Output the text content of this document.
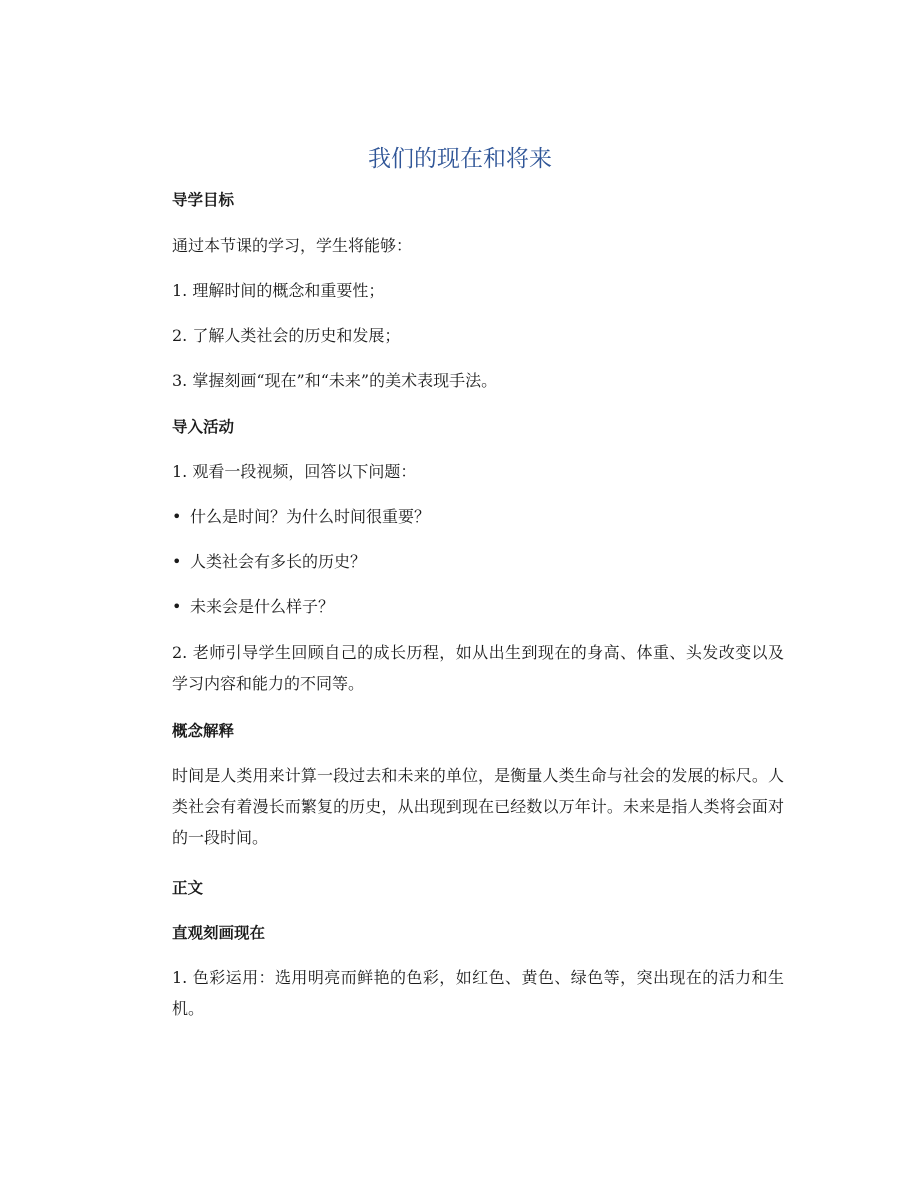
我们的现在和将来
导学目标
通过本节课的学习，学生将能够：
1. 理解时间的概念和重要性；
2. 了解人类社会的历史和发展；
3. 掌握刻画“现在”和“未来”的美术表现手法。
导入活动
1. 观看一段视频，回答以下问题：
• 什么是时间？为什么时间很重要？
• 人类社会有多长的历史？
• 未来会是什么样子？
2. 老师引导学生回顾自己的成长历程，如从出生到现在的身高、体重、头发改变以及学习内容和能力的不同等。
概念解释
时间是人类用来计算一段过去和未来的单位，是衡量人类生命与社会的发展的标尺。人类社会有着漫长而繁复的历史，从出现到现在已经数以万年计。未来是指人类将会面对的一段时间。
正文
直观刻画现在
1. 色彩运用：选用明亮而鲜艳的色彩，如红色、黄色、绿色等，突出现在的活力和生机。
